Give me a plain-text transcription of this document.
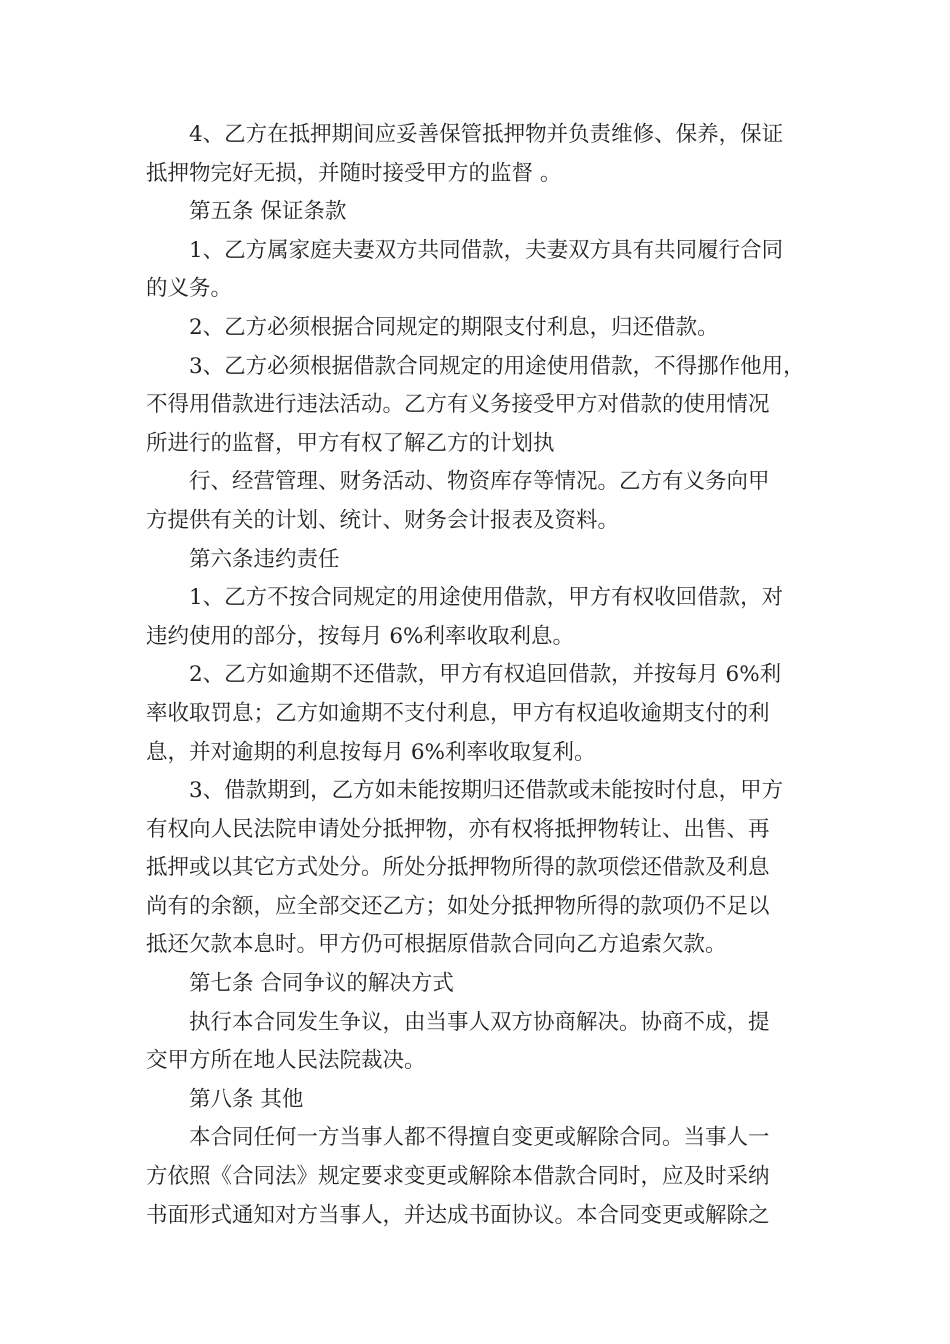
4、乙方在抵押期间应妥善保管抵押物并负责维修、保养，保证
抵押物完好无损，并随时接受甲方的监督 。

第五条 保证条款

1、乙方属家庭夫妻双方共同借款，夫妻双方具有共同履行合同
的义务。

2、乙方必须根据合同规定的期限支付利息，归还借款。

3、乙方必须根据借款合同规定的用途使用借款，不得挪作他用，
不得用借款进行违法活动。乙方有义务接受甲方对借款的使用情况
所进行的监督，甲方有权了解乙方的计划执

行、经营管理、财务活动、物资库存等情况。乙方有义务向甲
方提供有关的计划、统计、财务会计报表及资料。

第六条违约责任

1、乙方不按合同规定的用途使用借款，甲方有权收回借款，对
违约使用的部分，按每月 6%利率收取利息。

2、乙方如逾期不还借款，甲方有权追回借款，并按每月 6%利
率收取罚息；乙方如逾期不支付利息，甲方有权追收逾期支付的利
息，并对逾期的利息按每月 6%利率收取复利。

3、借款期到，乙方如未能按期归还借款或未能按时付息，甲方
有权向人民法院申请处分抵押物，亦有权将抵押物转让、出售、再
抵押或以其它方式处分。所处分抵押物所得的款项偿还借款及利息
尚有的余额，应全部交还乙方；如处分抵押物所得的款项仍不足以
抵还欠款本息时。甲方仍可根据原借款合同向乙方追索欠款。

第七条 合同争议的解决方式

执行本合同发生争议，由当事人双方协商解决。协商不成，提
交甲方所在地人民法院裁决。

第八条 其他

本合同任何一方当事人都不得擅自变更或解除合同。当事人一
方依照《合同法》规定要求变更或解除本借款合同时，应及时采纳
书面形式通知对方当事人，并达成书面协议。本合同变更或解除之
